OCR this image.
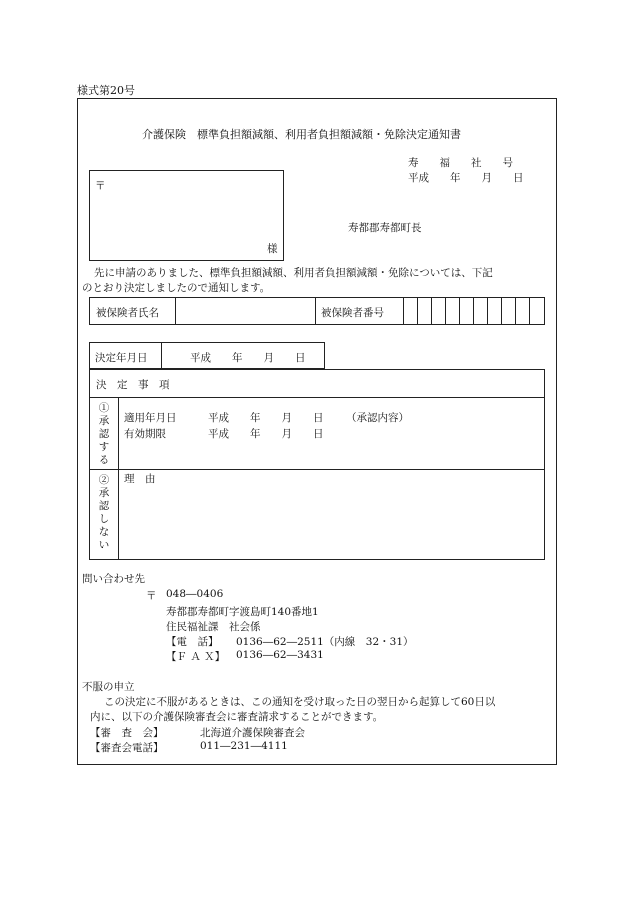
様式第20号
介護保険　標準負担額減額、利用者負担額減額・免除決定通知書
寿　　福　　社　　号
平成　　年　　月　　日
〒
様
寿都郡寿都町長
先に申請のありました、標準負担額減額、利用者負担額減額・免除については、下記
のとおり決定しましたので通知します。
被保険者氏名	被保険者番号
決定年月日	平成　　年　　月　　日
決　定　事　項
①承認する
適用年月日	平成　　年　　月　　日 （承認内容）
有効期限	平成　　年　　月　　日
②承認しない
理　由
問い合わせ先
〒 048―0406
寿都郡寿都町字渡島町140番地1
住民福祉課　社会係
【電　話】 0136―62―2511（内線　32・31）
【Ｆ Ａ Ｘ】 0136―62―3431
不服の申立
この決定に不服があるときは、この通知を受け取った日の翌日から起算して60日以
内に、以下の介護保険審査会に審査請求することができます。
【審　査　会】	北海道介護保険審査会
【審査会電話】	011―231―4111
